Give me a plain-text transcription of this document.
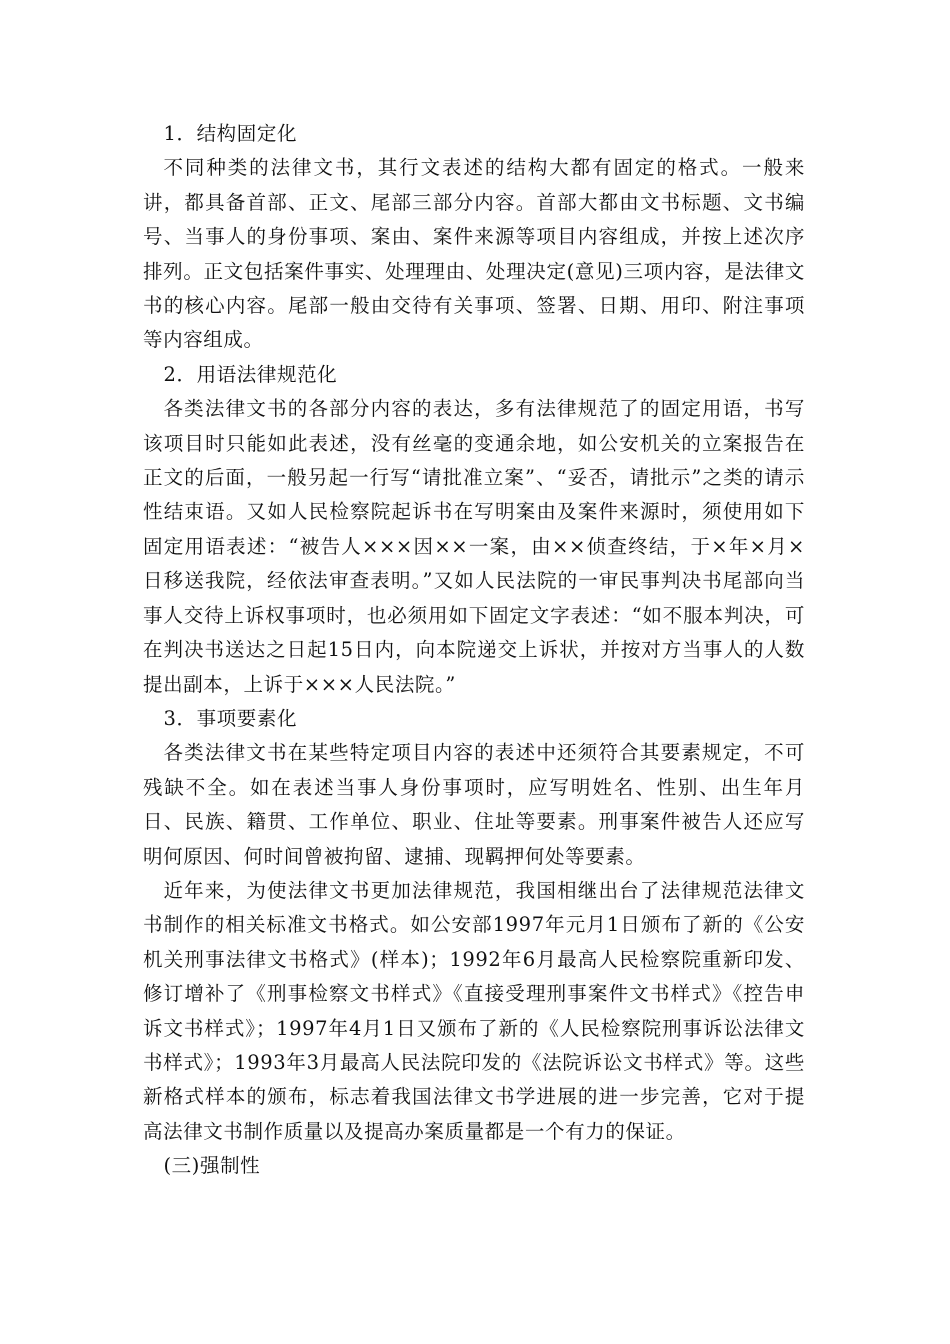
1．结构固定化

不同种类的法律文书，其行文表述的结构大都有固定的格式。一般来讲，都具备首部、正文、尾部三部分内容。首部大都由文书标题、文书编号、当事人的身份事项、案由、案件来源等项目内容组成，并按上述次序排列。正文包括案件事实、处理理由、处理决定(意见)三项内容，是法律文书的核心内容。尾部一般由交待有关事项、签署、日期、用印、附注事项等内容组成。

2．用语法律规范化

各类法律文书的各部分内容的表达，多有法律规范了的固定用语，书写该项目时只能如此表述，没有丝毫的变通余地，如公安机关的立案报告在正文的后面，一般另起一行写“请批准立案”、“妥否，请批示”之类的请示性结束语。又如人民检察院起诉书在写明案由及案件来源时，须使用如下固定用语表述：“被告人×××因××一案，由××侦查终结，于×年×月×日移送我院，经依法审查表明。”又如人民法院的一审民事判决书尾部向当事人交待上诉权事项时，也必须用如下固定文字表述：“如不服本判决，可在判决书送达之日起15日内，向本院递交上诉状，并按对方当事人的人数提出副本，上诉于×××人民法院。”

3．事项要素化

各类法律文书在某些特定项目内容的表述中还须符合其要素规定，不可残缺不全。如在表述当事人身份事项时，应写明姓名、性别、出生年月日、民族、籍贯、工作单位、职业、住址等要素。刑事案件被告人还应写明何原因、何时间曾被拘留、逮捕、现羁押何处等要素。

近年来，为使法律文书更加法律规范，我国相继出台了法律规范法律文书制作的相关标准文书格式。如公安部1997年元月1日颁布了新的《公安机关刑事法律文书格式》(样本)；1992年6月最高人民检察院重新印发、修订增补了《刑事检察文书样式》《直接受理刑事案件文书样式》《控告申诉文书样式》；1997年4月1日又颁布了新的《人民检察院刑事诉讼法律文书样式》；1993年3月最高人民法院印发的《法院诉讼文书样式》等。这些新格式样本的颁布，标志着我国法律文书学进展的进一步完善，它对于提高法律文书制作质量以及提高办案质量都是一个有力的保证。

(三)强制性
